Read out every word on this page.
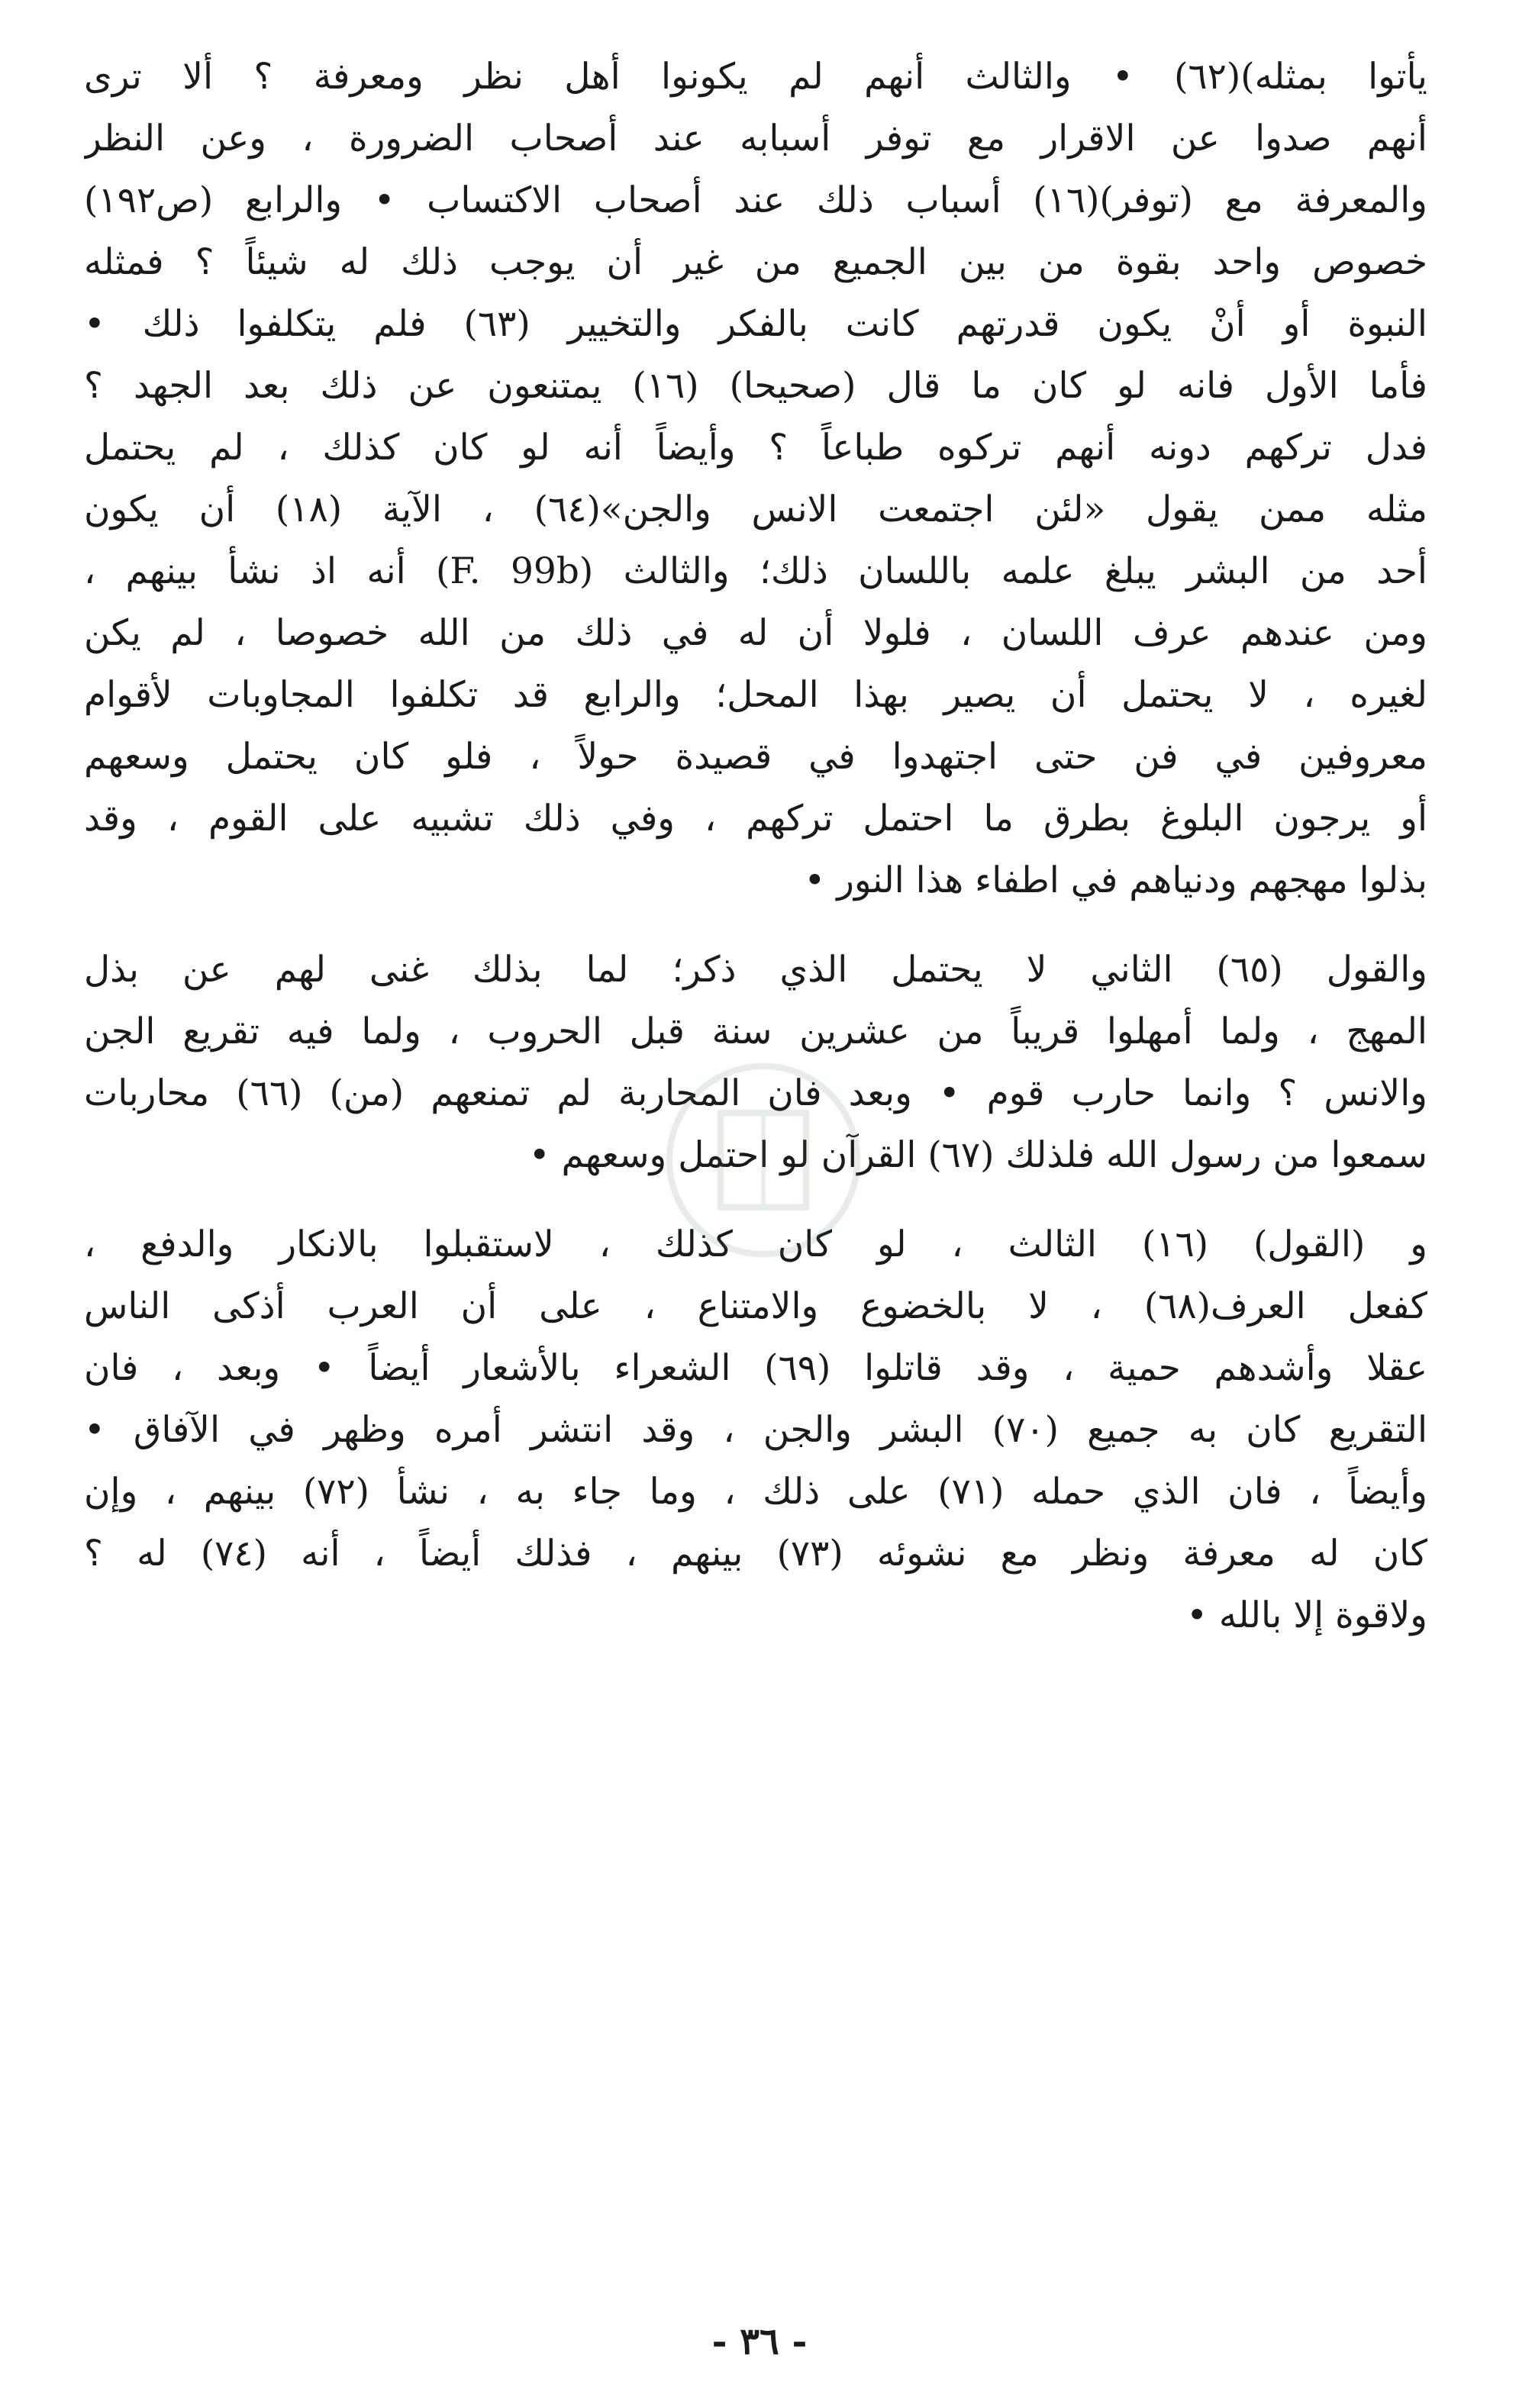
يأتوا بمثله)(٦٢) • والثالث أنهم لم يكونوا أهل نظر ومعرفة ؟ ألا ترى
أنهم صدوا عن الاقرار مع توفر أسبابه عند أصحاب الضرورة ، وعن النظر
والمعرفة مع (توفر)(١٦) أسباب ذلك عند أصحاب الاكتساب • والرابع (ص١٩٢)
خصوص واحد بقوة من بين الجميع من غير أن يوجب ذلك له شيئاً ؟ فمثله
النبوة أو أنْ يكون قدرتهم كانت بالفكر والتخيير (٦٣) فلم يتكلفوا ذلك •
فأما الأول فانه لو كان ما قال (صحيحا) (١٦) يمتنعون عن ذلك بعد الجهد ؟
فدل تركهم دونه أنهم تركوه طباعاً ؟ وأيضاً أنه لو كان كذلك ، لم يحتمل
مثله ممن يقول «لئن اجتمعت الانس والجن»(٦٤) ، الآية (١٨) أن يكون
أحد من البشر يبلغ علمه باللسان ذلك؛ والثالث (F. 99b) أنه اذ نشأ بينهم ،
ومن عندهم عرف اللسان ، فلولا أن له في ذلك من الله خصوصا ، لم يكن
لغيره ، لا يحتمل أن يصير بهذا المحل؛ والرابع قد تكلفوا المجاوبات لأقوام
معروفين في فن حتى اجتهدوا في قصيدة حولاً ، فلو كان يحتمل وسعهم
أو يرجون البلوغ بطرق ما احتمل تركهم ، وفي ذلك تشبيه على القوم ، وقد
بذلوا مهجهم ودنياهم في اطفاء هذا النور •
والقول (٦٥) الثاني لا يحتمل الذي ذكر؛ لما بذلك غنى لهم عن بذل
المهج ، ولما أمهلوا قريباً من عشرين سنة قبل الحروب ، ولما فيه تقريع الجن
والانس ؟ وانما حارب قوم • وبعد فان المحاربة لم تمنعهم (من) (٦٦) محاربات
سمعوا من رسول الله فلذلك (٦٧) القرآن لو احتمل وسعهم •
و (القول) (١٦) الثالث ، لو كان كذلك ، لاستقبلوا بالانكار والدفع ،
كفعل العرف(٦٨) ، لا بالخضوع والامتناع ، على أن العرب أذكى الناس
عقلا وأشدهم حمية ، وقد قاتلوا (٦٩) الشعراء بالأشعار أيضاً • وبعد ، فان
التقريع كان به جميع (٧٠) البشر والجن ، وقد انتشر أمره وظهر في الآفاق •
وأيضاً ، فان الذي حمله (٧١) على ذلك ، وما جاء به ، نشأ (٧٢) بينهم ، وإن
كان له معرفة ونظر مع نشوئه (٧٣) بينهم ، فذلك أيضاً ، أنه (٧٤) له ؟
ولاقوة إلا بالله •
- ٣٦ -
